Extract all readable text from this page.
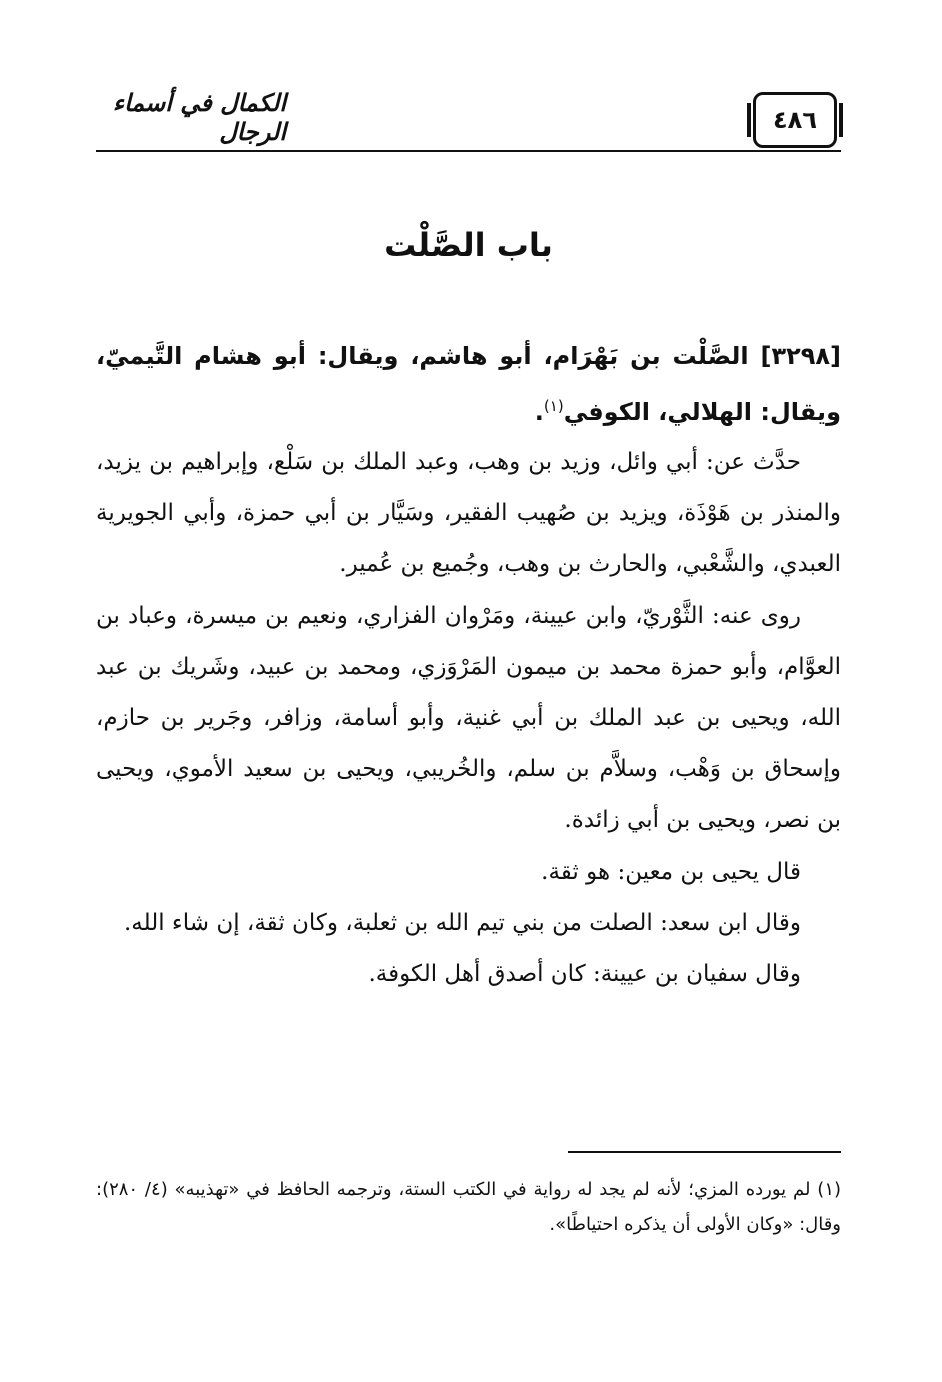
٤٨٦
الكمال في أسماء الرجال
باب الصَّلْت

[٣٢٩٨] الصَّلْت بن بَهْرَام، أبو هاشم، ويقال: أبو هشام التَّيميّ، ويقال: الهلالي، الكوفي$^{(١)}$.

حدَّث عن: أبي وائل، وزيد بن وهب، وعبد الملك بن سَلْع، وإبراهيم بن يزيد، والمنذر بن هَوْذَة، ويزيد بن صُهيب الفقير، وسَيَّار بن أبي حمزة، وأبي الجويرية العبدي، والشَّعْبي، والحارث بن وهب، وجُميع بن عُمير.

روى عنه: الثَّوْريّ، وابن عيينة، ومَرْوان الفزاري، ونعيم بن ميسرة، وعباد بن العوَّام، وأبو حمزة محمد بن ميمون المَرْوَزي، ومحمد بن عبيد، وشَريك بن عبد الله، ويحيى بن عبد الملك بن أبي غنية، وأبو أسامة، وزافر، وجَرير بن حازم، وإسحاق بن وَهْب، وسلاَّم بن سلم، والخُريبي، ويحيى بن سعيد الأموي، ويحيى بن نصر، ويحيى بن أبي زائدة.

قال يحيى بن معين: هو ثقة.

وقال ابن سعد: الصلت من بني تيم الله بن ثعلبة، وكان ثقة، إن شاء الله.

وقال سفيان بن عيينة: كان أصدق أهل الكوفة.

(١) لم يورده المزي؛ لأنه لم يجد له رواية في الكتب الستة، وترجمه الحافظ في «تهذيبه» (٤/ ٢٨٠): وقال: «وكان الأولى أن يذكره احتياطًا».
